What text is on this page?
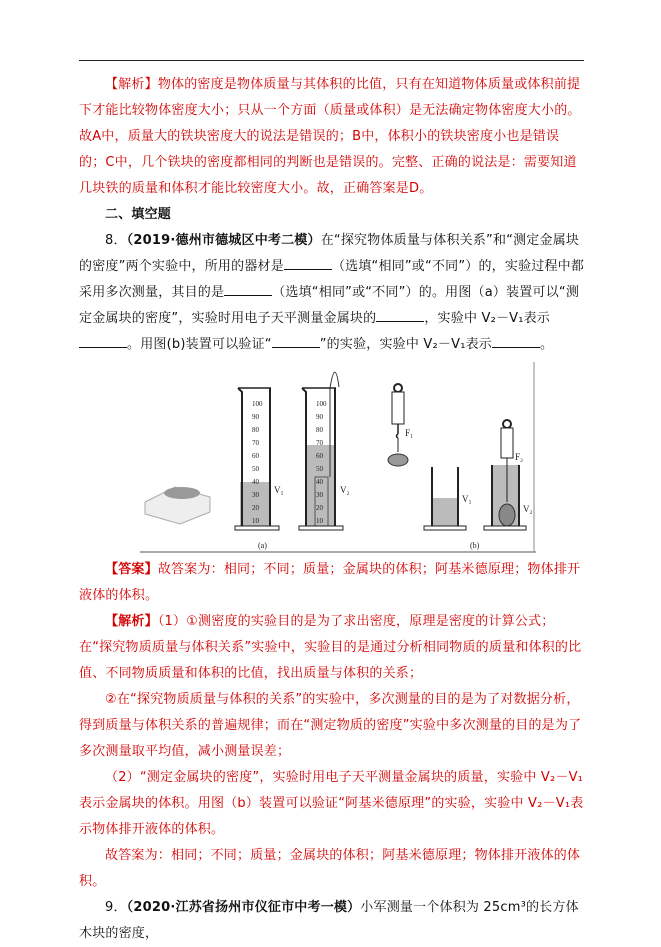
【解析】物体的密度是物体质量与其体积的比值，只有在知道物体质量或体积前提下才能比较物体密度大小；只从一个方面（质量或体积）是无法确定物体密度大小的。故A中，质量大的铁块密度大的说法是错误的；B中，体积小的铁块密度小也是错误的；C中，几个铁块的密度都相同的判断也是错误的。完整、正确的说法是：需要知道几块铁的质量和体积才能比较密度大小。故，正确答案是D。
二、填空题
8．（2019·德州市德城区中考二模）在“探究物体质量与体积关系”和“测定金属块的密度”两个实验中，所用的器材是	（选填“相同”或“不同”）的，实验过程中都采用多次测量，其目的是	（选填“相同”或“不同”）的。用图（a）装置可以“测定金属块的密度”，实验时用电子天平测量金属块的	，实验中 V₂－V₁表示。用图(b)装置可以验证“	”的实验，实验中 V₂－V₁表示	。
100
90
80
70
60
50
40
30
20
10
100
90
80
70
60
50
40
30
20
10
V₁	V₂
F₁
V₁
F₂
V₂
(a)	(b)
【答案】故答案为：相同；不同；质量；金属块的体积；阿基米德原理；物体排开液体的体积。
【解析】（1）①测密度的实验目的是为了求出密度，原理是密度的计算公式；在“探究物质质量与体积关系”实验中，实验目的是通过分析相同物质的质量和体积的比值、不同物质质量和体积的比值，找出质量与体积的关系；
②在“探究物质质量与体积的关系”的实验中，多次测量的目的是为了对数据分析，得到质量与体积关系的普遍规律；而在“测定物质的密度”实验中多次测量的目的是为了多次测量取平均值，减小测量误差；
（2）“测定金属块的密度”，实验时用电子天平测量金属块的质量，实验中 V₂－V₁表示金属块的体积。用图（b）装置可以验证“阿基米德原理”的实验，实验中 V₂－V₁表示物体排开液体的体积。
故答案为：相同；不同；质量；金属块的体积；阿基米德原理；物体排开液体的体积。
9．（2020·江苏省扬州市仪征市中考一模）小军测量一个体积为 25cm³的长方体木块的密度，
